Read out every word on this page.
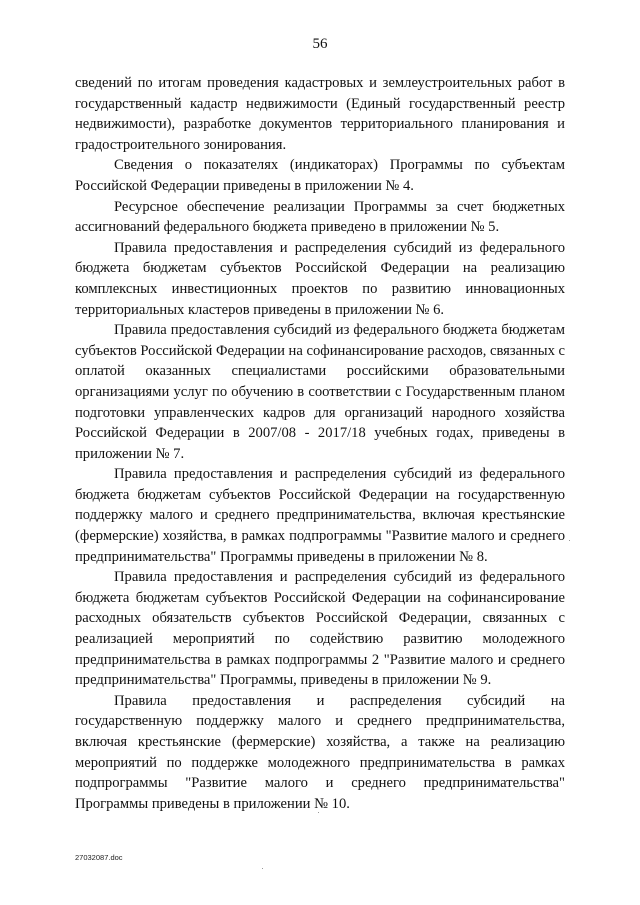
56

сведений по итогам проведения кадастровых и землеустроительных работ в государственный кадастр недвижимости (Единый государственный реестр недвижимости), разработке документов территориального планирования и градостроительного зонирования.

Сведения о показателях (индикаторах) Программы по субъектам Российской Федерации приведены в приложении № 4.

Ресурсное обеспечение реализации Программы за счет бюджетных ассигнований федерального бюджета приведено в приложении № 5.

Правила предоставления и распределения субсидий из федерального бюджета бюджетам субъектов Российской Федерации на реализацию комплексных инвестиционных проектов по развитию инновационных территориальных кластеров приведены в приложении № 6.

Правила предоставления субсидий из федерального бюджета бюджетам субъектов Российской Федерации на софинансирование расходов, связанных с оплатой оказанных специалистами российскими образовательными организациями услуг по обучению в соответствии с Государственным планом подготовки управленческих кадров для организаций народного хозяйства Российской Федерации в 2007/08 - 2017/18 учебных годах, приведены в приложении № 7.

Правила предоставления и распределения субсидий из федерального бюджета бюджетам субъектов Российской Федерации на государственную поддержку малого и среднего предпринимательства, включая крестьянские (фермерские) хозяйства, в рамках подпрограммы "Развитие малого и среднего предпринимательства" Программы приведены в приложении № 8.

Правила предоставления и распределения субсидий из федерального бюджета бюджетам субъектов Российской Федерации на софинансирование расходных обязательств субъектов Российской Федерации, связанных с реализацией мероприятий по содействию развитию молодежного предпринимательства в рамках подпрограммы 2 "Развитие малого и среднего предпринимательства" Программы, приведены в приложении № 9.

Правила предоставления и распределения субсидий на государственную поддержку малого и среднего предпринимательства, включая крестьянские (фермерские) хозяйства, а также на реализацию мероприятий по поддержке молодежного предпринимательства в рамках подпрограммы "Развитие малого и среднего предпринимательства" Программы приведены в приложении № 10.

27032087.doc
